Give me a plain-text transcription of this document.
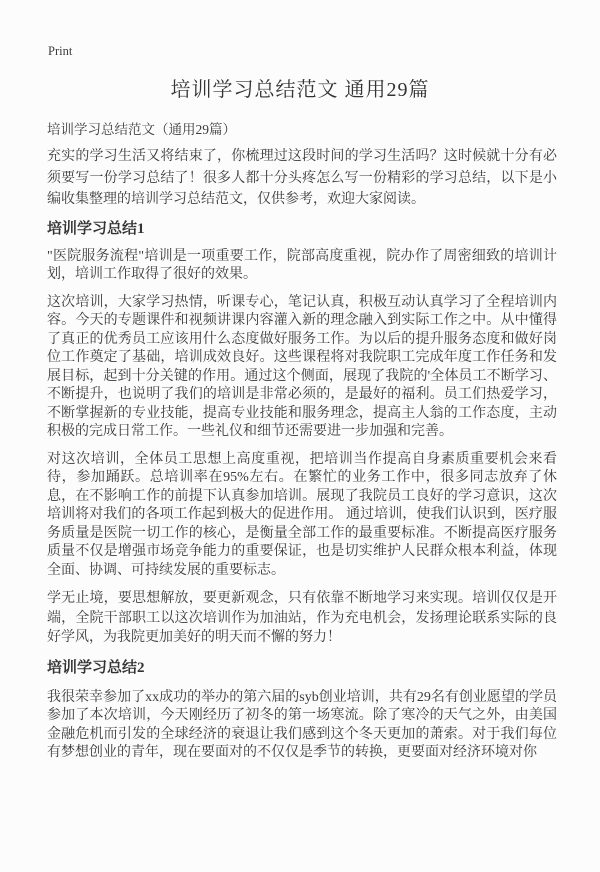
Print
培训学习总结范文 通用29篇
培训学习总结范文（通用29篇）

充实的学习生活又将结束了，你梳理过这段时间的学习生活吗？这时候就十分有必须要写一份学习总结了！很多人都十分头疼怎么写一份精彩的学习总结，以下是小编收集整理的培训学习总结范文，仅供参考，欢迎大家阅读。

培训学习总结1

"医院服务流程"培训是一项重要工作，院部高度重视，院办作了周密细致的培训计划，培训工作取得了很好的效果。

这次培训，大家学习热情，听课专心，笔记认真，积极互动认真学习了全程培训内容。今天的专题课件和视频讲课内容灌入新的理念融入到实际工作之中。从中懂得了真正的优秀员工应该用什么态度做好服务工作。为以后的提升服务态度和做好岗位工作奠定了基础，培训成效良好。这些课程将对我院职工完成年度工作任务和发展目标，起到十分关键的作用。通过这个侧面，展现了我院的'全体员工不断学习、不断提升，也说明了我们的培训是非常必须的，是最好的福利。员工们热爱学习，不断掌握新的专业技能，提高专业技能和服务理念，提高主人翁的工作态度，主动积极的完成日常工作。一些礼仪和细节还需要进一步加强和完善。

对这次培训，全体员工思想上高度重视，把培训当作提高自身素质重要机会来看待，参加踊跃。总培训率在95%左右。在繁忙的业务工作中，很多同志放弃了休息，在不影响工作的前提下认真参加培训。展现了我院员工良好的学习意识，这次培训将对我们的各项工作起到极大的促进作用。 通过培训，使我们认识到，医疗服务质量是医院一切工作的核心，是衡量全部工作的最重要标准。不断提高医疗服务质量不仅是增强市场竞争能力的重要保证，也是切实维护人民群众根本利益，体现全面、协调、可持续发展的重要标志。

学无止境，要思想解放，要更新观念，只有依靠不断地学习来实现。培训仅仅是开端，全院干部职工以这次培训作为加油站，作为充电机会，发扬理论联系实际的良好学风，为我院更加美好的明天而不懈的努力！

培训学习总结2

我很荣幸参加了xx成功的举办的第六届的syb创业培训，共有29名有创业愿望的学员参加了本次培训，今天刚经历了初冬的第一场寒流。除了寒冷的天气之外，由美国金融危机而引发的全球经济的衰退让我们感到这个冬天更加的萧索。对于我们每位有梦想创业的青年，现在要面对的不仅仅是季节的转换，更要面对经济环境对你
